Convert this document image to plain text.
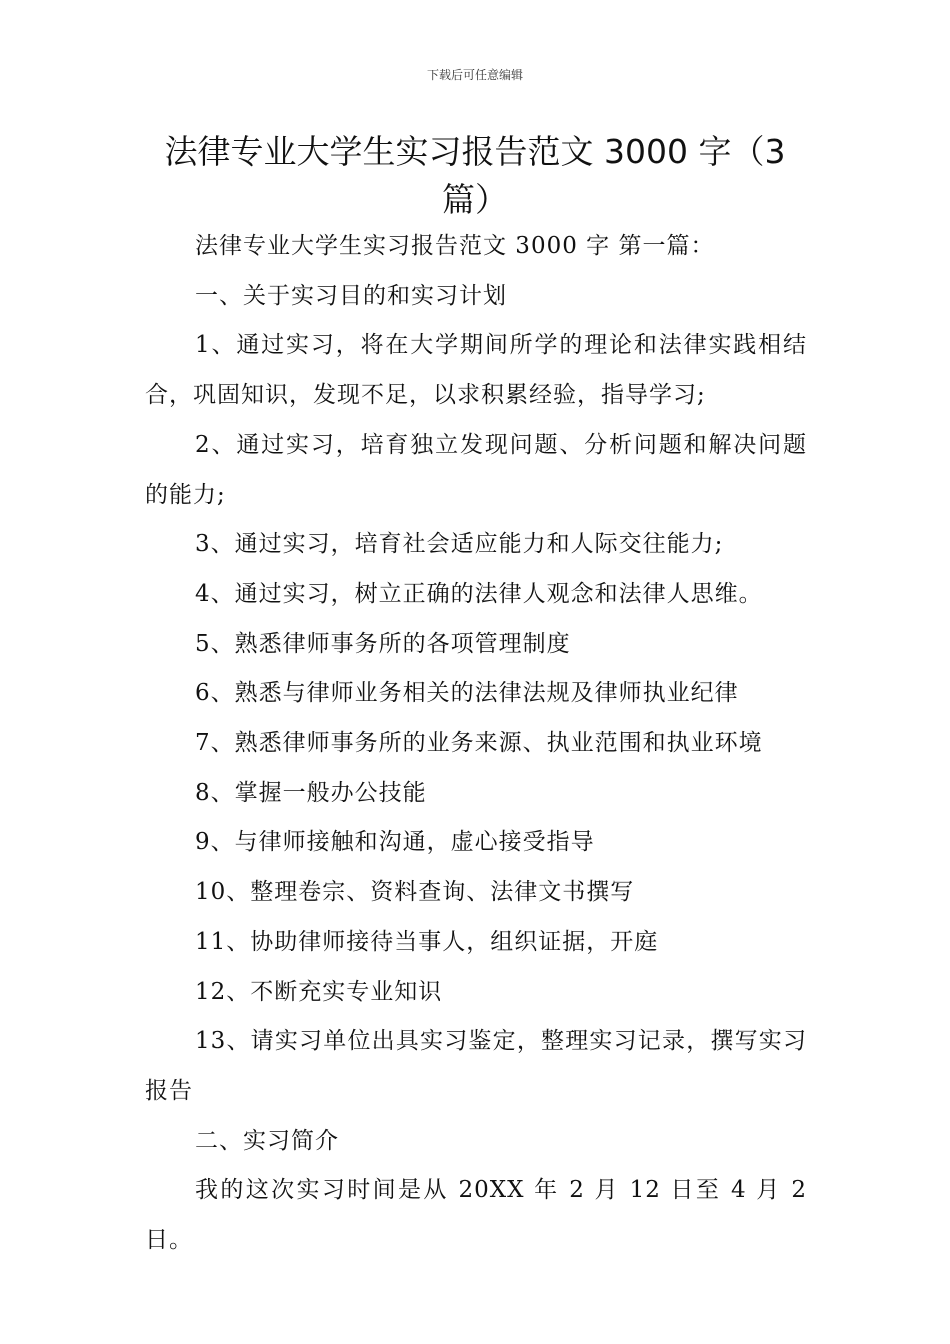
下载后可任意编辑
法律专业大学生实习报告范文 3000 字（3篇）

法律专业大学生实习报告范文 3000 字 第一篇：

一、关于实习目的和实习计划

1、通过实习，将在大学期间所学的理论和法律实践相结合，巩固知识，发现不足，以求积累经验，指导学习;

2、通过实习，培育独立发现问题、分析问题和解决问题的能力;

3、通过实习，培育社会适应能力和人际交往能力;

4、通过实习，树立正确的法律人观念和法律人思维。

5、熟悉律师事务所的各项管理制度

6、熟悉与律师业务相关的法律法规及律师执业纪律

7、熟悉律师事务所的业务来源、执业范围和执业环境

8、掌握一般办公技能

9、与律师接触和沟通，虚心接受指导

10、整理卷宗、资料查询、法律文书撰写

11、协助律师接待当事人，组织证据，开庭

12、不断充实专业知识

13、请实习单位出具实习鉴定，整理实习记录，撰写实习报告

二、实习简介

我的这次实习时间是从 20XX 年 2 月 12 日至 4 月 2 日。
